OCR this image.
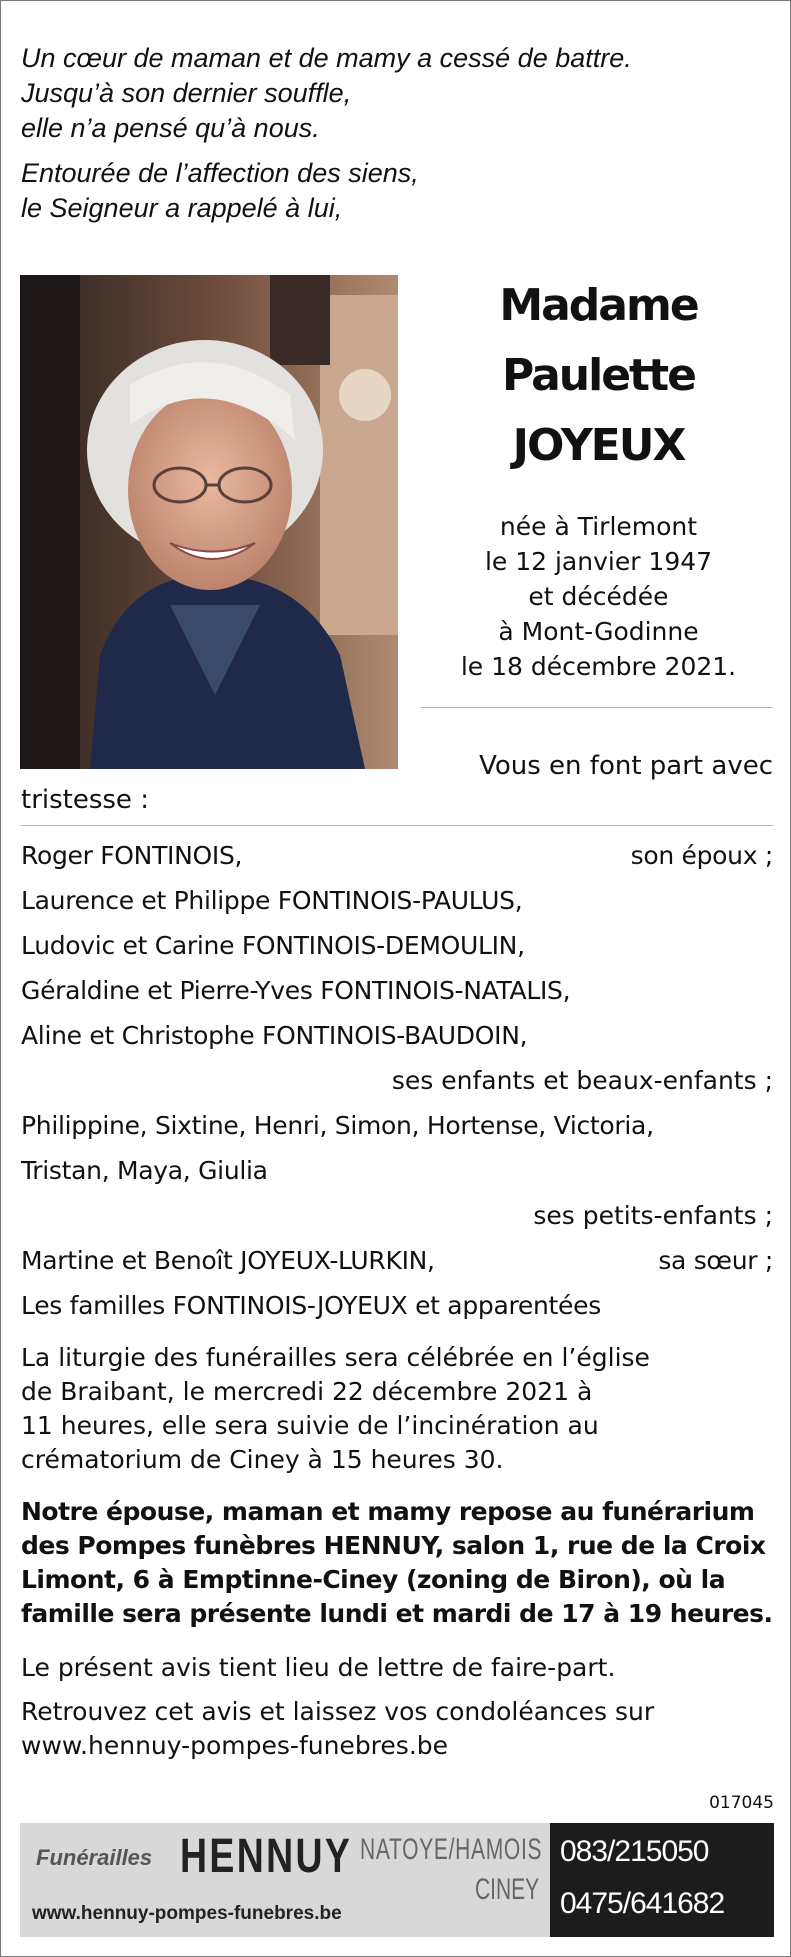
Un cœur de maman et de mamy a cessé de battre.
Jusqu’à son dernier souffle,
elle n’a pensé qu’à nous.
Entourée de l’affection des siens,
le Seigneur a rappelé à lui,
Madame
Paulette
JOYEUX
née à Tirlemont
le 12 janvier 1947
et décédée
à Mont-Godinne
le 18 décembre 2021.
Vous en font part avec
tristesse :
Roger FONTINOIS,	son époux ;
Laurence et Philippe FONTINOIS-PAULUS,
Ludovic et Carine FONTINOIS-DEMOULIN,
Géraldine et Pierre-Yves FONTINOIS-NATALIS,
Aline et Christophe FONTINOIS-BAUDOIN,
ses enfants et beaux-enfants ;
Philippine, Sixtine, Henri, Simon, Hortense, Victoria,
Tristan, Maya, Giulia
ses petits-enfants ;
Martine et Benoît JOYEUX-LURKIN,	sa sœur ;
Les familles FONTINOIS-JOYEUX et apparentées
La liturgie des funérailles sera célébrée en l’église
de Braibant, le mercredi 22 décembre 2021 à
11 heures, elle sera suivie de l’incinération au
crématorium de Ciney à 15 heures 30.
Notre épouse, maman et mamy repose au funérarium
des Pompes funèbres HENNUY, salon 1, rue de la Croix
Limont, 6 à Emptinne-Ciney (zoning de Biron), où la
famille sera présente lundi et mardi de 17 à 19 heures.
Le présent avis tient lieu de lettre de faire-part.
Retrouvez cet avis et laissez vos condoléances sur
www.hennuy-pompes-funebres.be
017045
Funérailles HENNUY NATOYE/HAMOIS
CINEY
www.hennuy-pompes-funebres.be
083/215050
0475/641682
